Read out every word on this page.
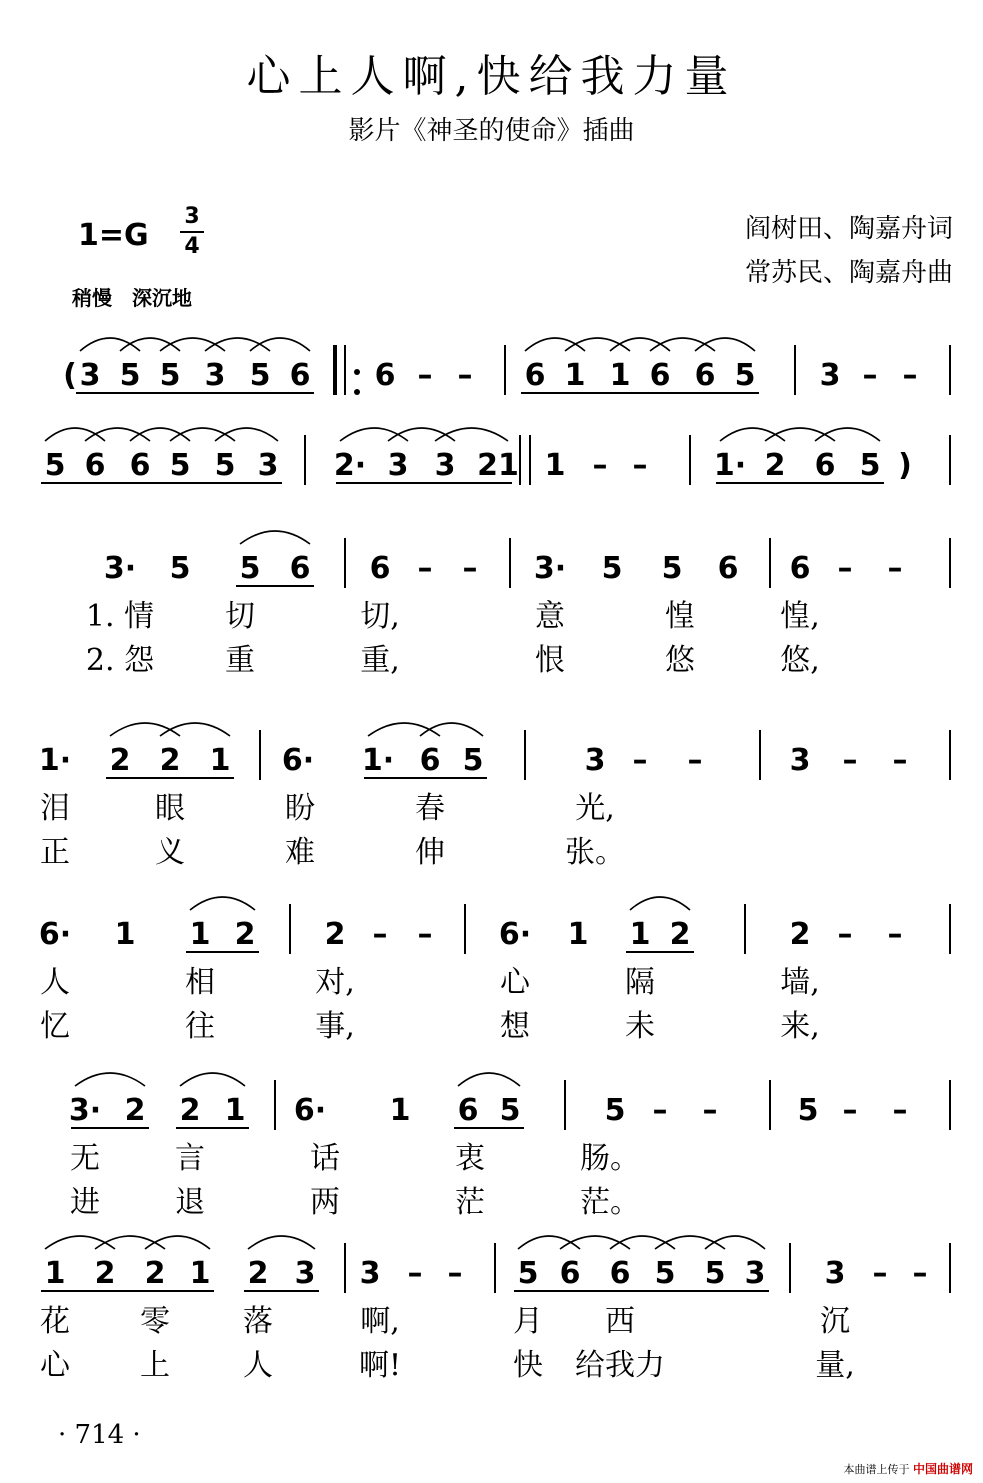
心上人啊,快给我力量
影片《神圣的使命》插曲
1=G
3
4
稍慢　深沉地
阎树田、陶嘉舟词
常苏民、陶嘉舟曲
( 3 5 5 3 5 6 6 – – 6 1 1 6 6 5 3 – –
5 6 6 5 5 3 2· 3 3 21 1 – – 1· 2 6 5 )
3· 5 5 6 6 – – 3· 5 5 6 6 – –
1. 情 切	切,	意	惶	惶,
2. 怨 重	重,	恨	悠	悠,
1· 2 2 1 6· 1· 6 5	3 – –	3 – –
泪	眼	盼	春	光,
正	义	难	伸	张。
6· 1 1 2 2 – – 6· 1 1 2	2 – –
人	相	对,	心	隔	墙,
忆	往	事,	想	未	来,
3· 2 2 1 6· 1 6 5	5 – –	5 – –
无	言	话	衷	肠。
进	退	两	茫	茫。
1 2 2 1 2 3 3 – – 5 6 6 5 5 3 3 – –
花 零 落	啊,	月 西	沉
心 上 人	啊!	快 给我力	量,
· 714 ·
本曲谱上传于 中国曲谱网
